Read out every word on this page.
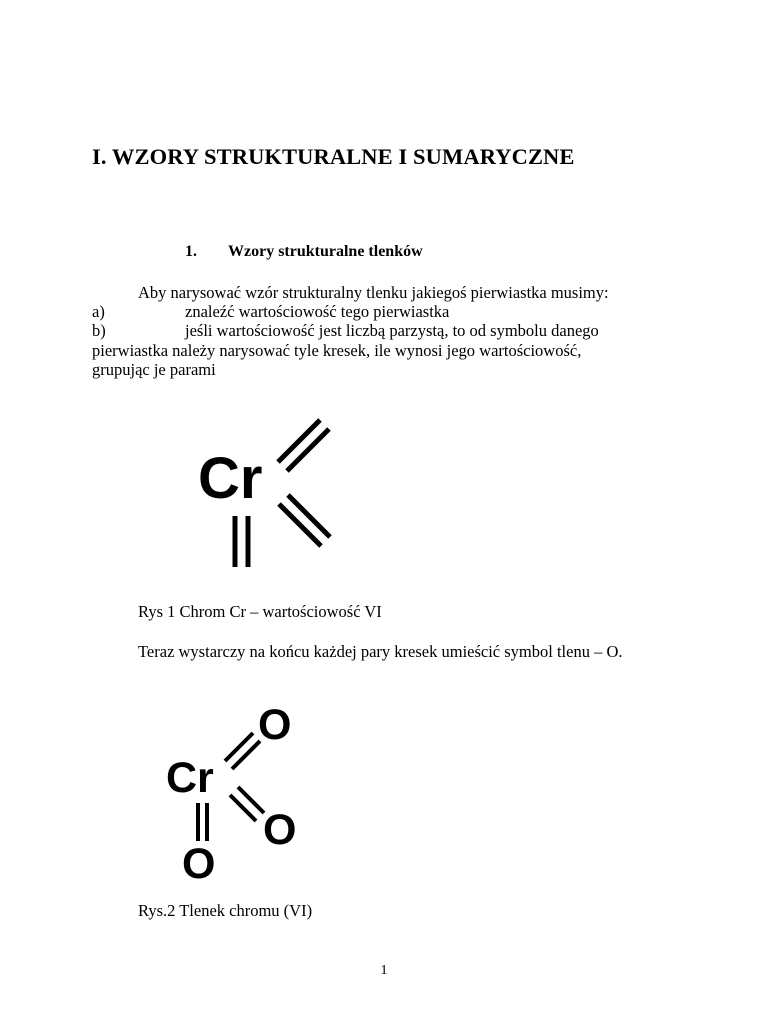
I. WZORY STRUKTURALNE I SUMARYCZNE
1. Wzory strukturalne tlenków
Aby narysować wzór strukturalny tlenku jakiegoś pierwiastka musimy:
a)	znaleźć wartościowość tego pierwiastka
b)	jeśli wartościowość jest liczbą parzystą, to od symbolu danego
pierwiastka należy narysować tyle kresek, ile wynosi jego wartościowość,
grupując je parami
Cr
Rys 1 Chrom Cr – wartościowość VI
Teraz wystarczy na końcu każdej pary kresek umieścić symbol tlenu – O.
Cr
O
O
O
Rys.2 Tlenek chromu (VI)
1
